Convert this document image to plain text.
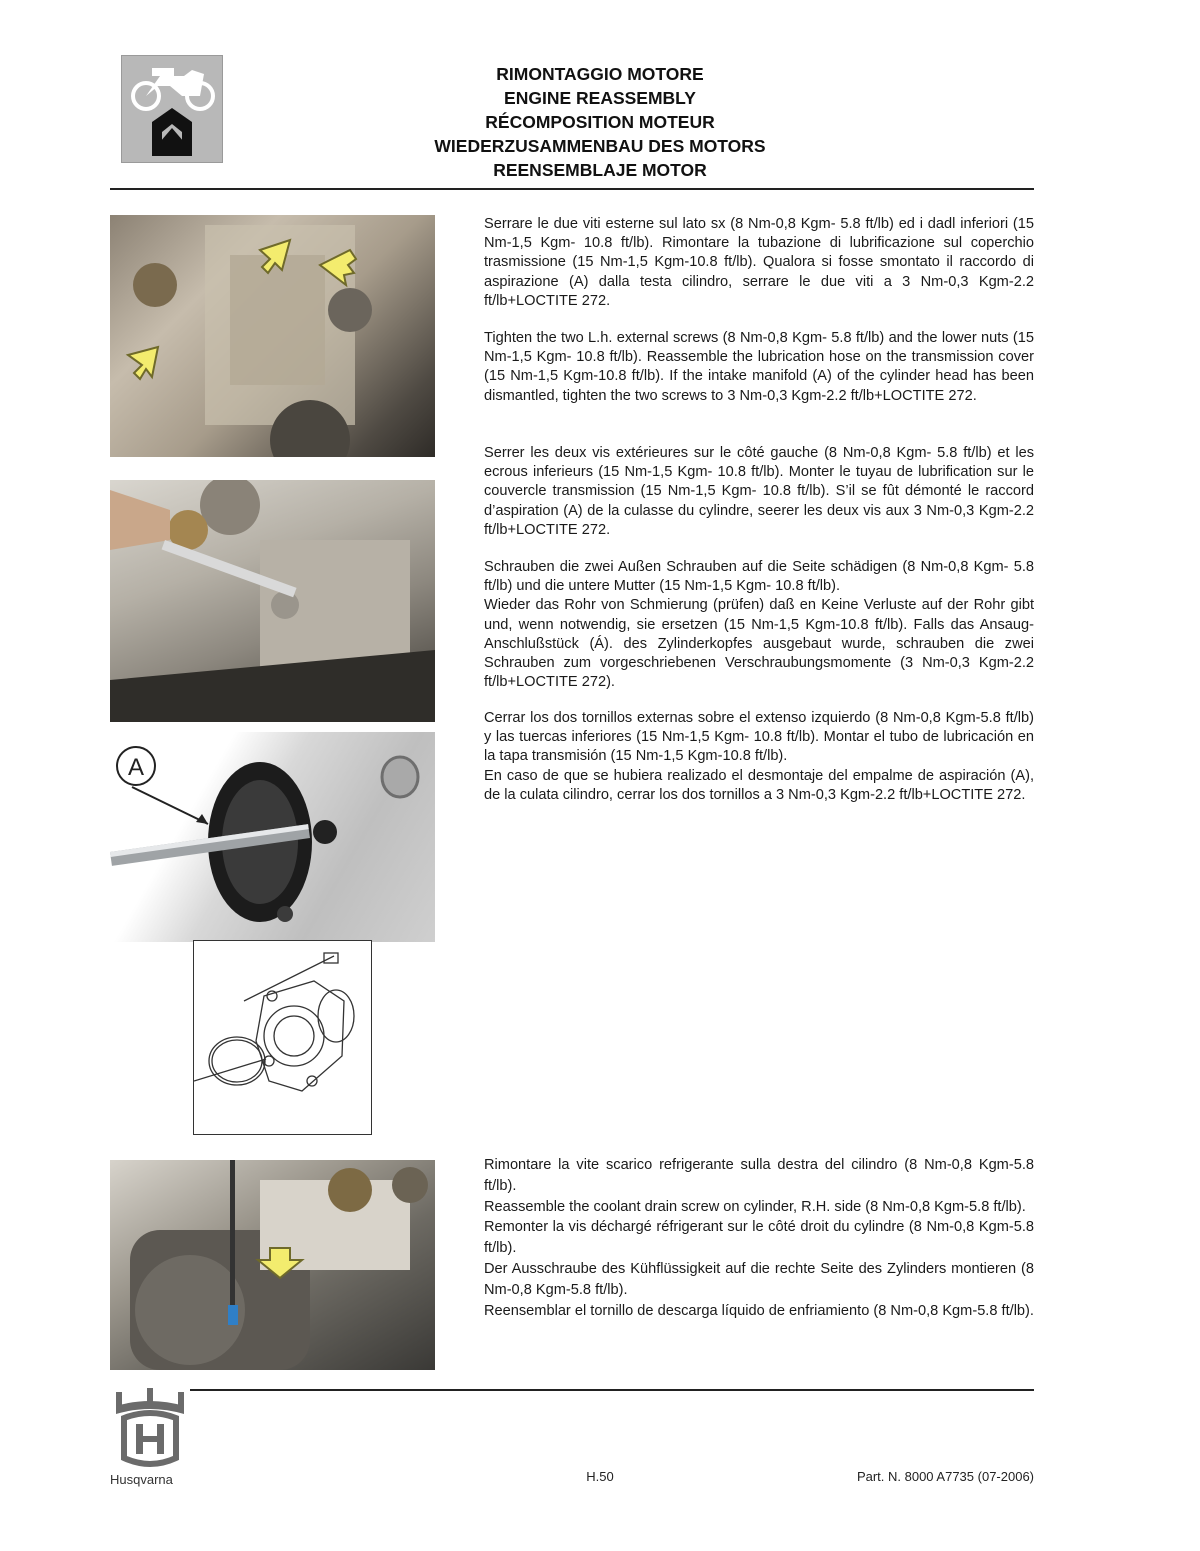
RIMONTAGGIO MOTORE
ENGINE REASSEMBLY
RÉCOMPOSITION MOTEUR
WIEDERZUSAMMENBAU DES MOTORS
REENSEMBLAJE MOTOR
A

Serrare le due viti esterne sul lato sx (8 Nm-0,8 Kgm- 5.8 ft/lb) ed i dadl inferiori (15 Nm-1,5 Kgm- 10.8 ft/lb). Rimontare la tubazione di lubrificazione sul coperchio trasmissione (15 Nm-1,5 Kgm-10.8 ft/lb). Qualora si fosse smontato il raccordo di aspirazione (A) dalla testa cilindro, serrare le due viti a 3 Nm-0,3 Kgm-2.2 ft/lb+LOCTITE 272.

Tighten the two L.h. external screws (8 Nm-0,8 Kgm- 5.8 ft/lb) and the lower nuts (15 Nm-1,5 Kgm- 10.8 ft/lb). Reassemble the lubrication hose on the transmission cover (15 Nm-1,5 Kgm-10.8 ft/lb). If the intake manifold (A) of the cylinder head has been dismantled, tighten the two screws to 3 Nm-0,3 Kgm-2.2 ft/lb+LOCTITE 272.

Serrer les deux vis extérieures sur le côté gauche (8 Nm-0,8 Kgm- 5.8 ft/lb) et les ecrous inferieurs (15 Nm-1,5 Kgm- 10.8 ft/lb). Monter le tuyau de lubrification sur le couvercle transmission (15 Nm-1,5 Kgm- 10.8 ft/lb). S’il se fût démonté le raccord d’aspiration (A) de la culasse du cylindre, seerer les deux vis aux 3 Nm-0,3 Kgm-2.2 ft/lb+LOCTITE 272.

Schrauben die zwei Außen Schrauben auf die Seite schädigen (8 Nm-0,8 Kgm- 5.8 ft/lb) und die untere Mutter (15 Nm-1,5 Kgm- 10.8 ft/lb).

Wieder das Rohr von Schmierung (prüfen) daß en Keine Verluste auf der Rohr gibt und, wenn notwendig, sie ersetzen (15 Nm-1,5 Kgm-10.8 ft/lb). Falls das Ansaug-Anschlußstück (Á). des Zylinderkopfes ausgebaut wurde, schrauben die zwei Schrauben zum vorgeschriebenen Verschraubungsmomente (3 Nm-0,3 Kgm-2.2 ft/lb+LOCTITE 272).

Cerrar los dos tornillos externas sobre el extenso izquierdo (8 Nm-0,8 Kgm-5.8 ft/lb) y las tuercas inferiores (15 Nm-1,5 Kgm- 10.8 ft/lb). Montar el tubo de lubricación en la tapa transmisión (15 Nm-1,5 Kgm-10.8 ft/lb).

En caso de que se hubiera realizado el desmontaje del empalme de aspiración (A), de la culata cilindro, cerrar los dos tornillos a 3 Nm-0,3 Kgm-2.2 ft/lb+LOCTITE 272.

Rimontare la vite scarico refrigerante sulla destra del cilindro (8 Nm-0,8 Kgm-5.8 ft/lb).

Reassemble the coolant drain screw on cylinder, R.H. side (8 Nm-0,8 Kgm-5.8 ft/lb).

Remonter la vis déchargé réfrigerant sur le côté droit du cylindre (8 Nm-0,8 Kgm-5.8 ft/lb).

Der Ausschraube des Kühflüssigkeit auf die rechte Seite des Zylinders montieren (8 Nm-0,8 Kgm-5.8 ft/lb).

Reensemblar el tornillo de descarga líquido de enfriamiento (8 Nm-0,8 Kgm-5.8 ft/lb).

Husqvarna	H.50	Part. N. 8000 A7735 (07-2006)
